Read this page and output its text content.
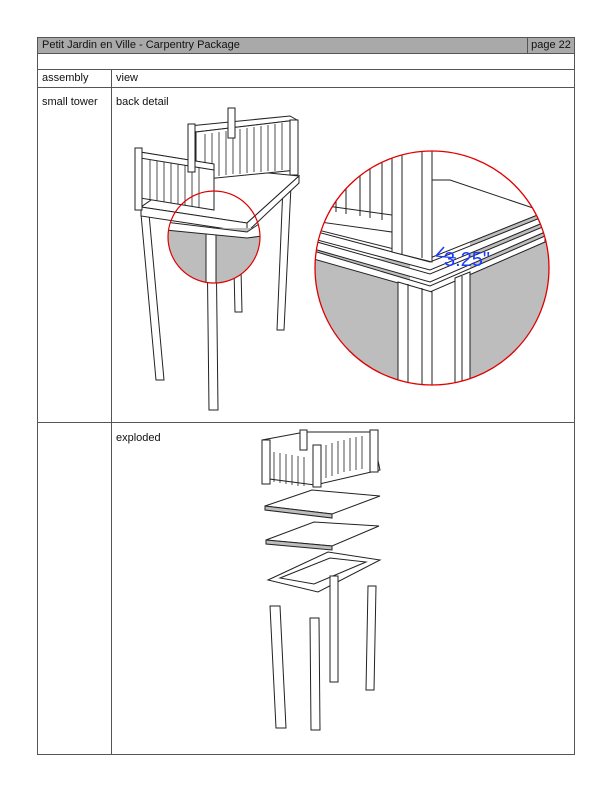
Petit Jardin en Ville - Carpentry Package	page 22
assembly	view
small tower back detail
exploded
3.25"
